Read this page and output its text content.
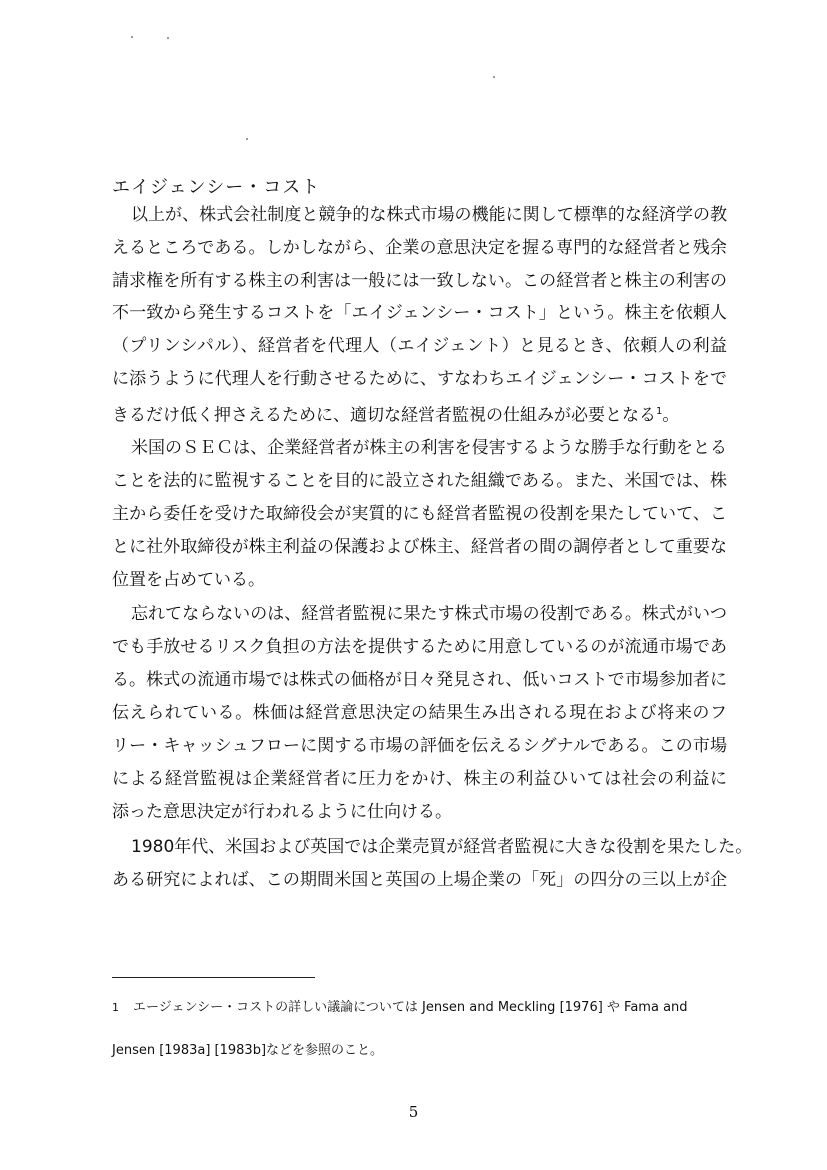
エイジェンシー・コスト
以上が、株式会社制度と競争的な株式市場の機能に関して標準的な経済学の教
えるところである。しかしながら、企業の意思決定を握る専門的な経営者と残余
請求権を所有する株主の利害は一般には一致しない。この経営者と株主の利害の
不一致から発生するコストを「エイジェンシー・コスト」という。株主を依頼人
（プリンシパル）、経営者を代理人（エイジェント）と見るとき、依頼人の利益
に添うように代理人を行動させるために、すなわちエイジェンシー・コストをで
きるだけ低く押さえるために、適切な経営者監視の仕組みが必要となる$^1$。
米国のＳＥＣは、企業経営者が株主の利害を侵害するような勝手な行動をとる
ことを法的に監視することを目的に設立された組織である。また、米国では、株
主から委任を受けた取締役会が実質的にも経営者監視の役割を果たしていて、こ
とに社外取締役が株主利益の保護および株主、経営者の間の調停者として重要な
位置を占めている。
忘れてならないのは、経営者監視に果たす株式市場の役割である。株式がいつ
でも手放せるリスク負担の方法を提供するために用意しているのが流通市場であ
る。株式の流通市場では株式の価格が日々発見され、低いコストで市場参加者に
伝えられている。株価は経営意思決定の結果生み出される現在および将来のフ
リー・キャッシュフローに関する市場の評価を伝えるシグナルである。この市場
による経営監視は企業経営者に圧力をかけ、株主の利益ひいては社会の利益に
添った意思決定が行われるように仕向ける。
1980年代、米国および英国では企業売買が経営者監視に大きな役割を果たした。
ある研究によれば、この期間米国と英国の上場企業の「死」の四分の三以上が企
1 エージェンシー・コストの詳しい議論については Jensen and Meckling [1976] や Fama and
Jensen [1983a] [1983b]などを参照のこと。
5
